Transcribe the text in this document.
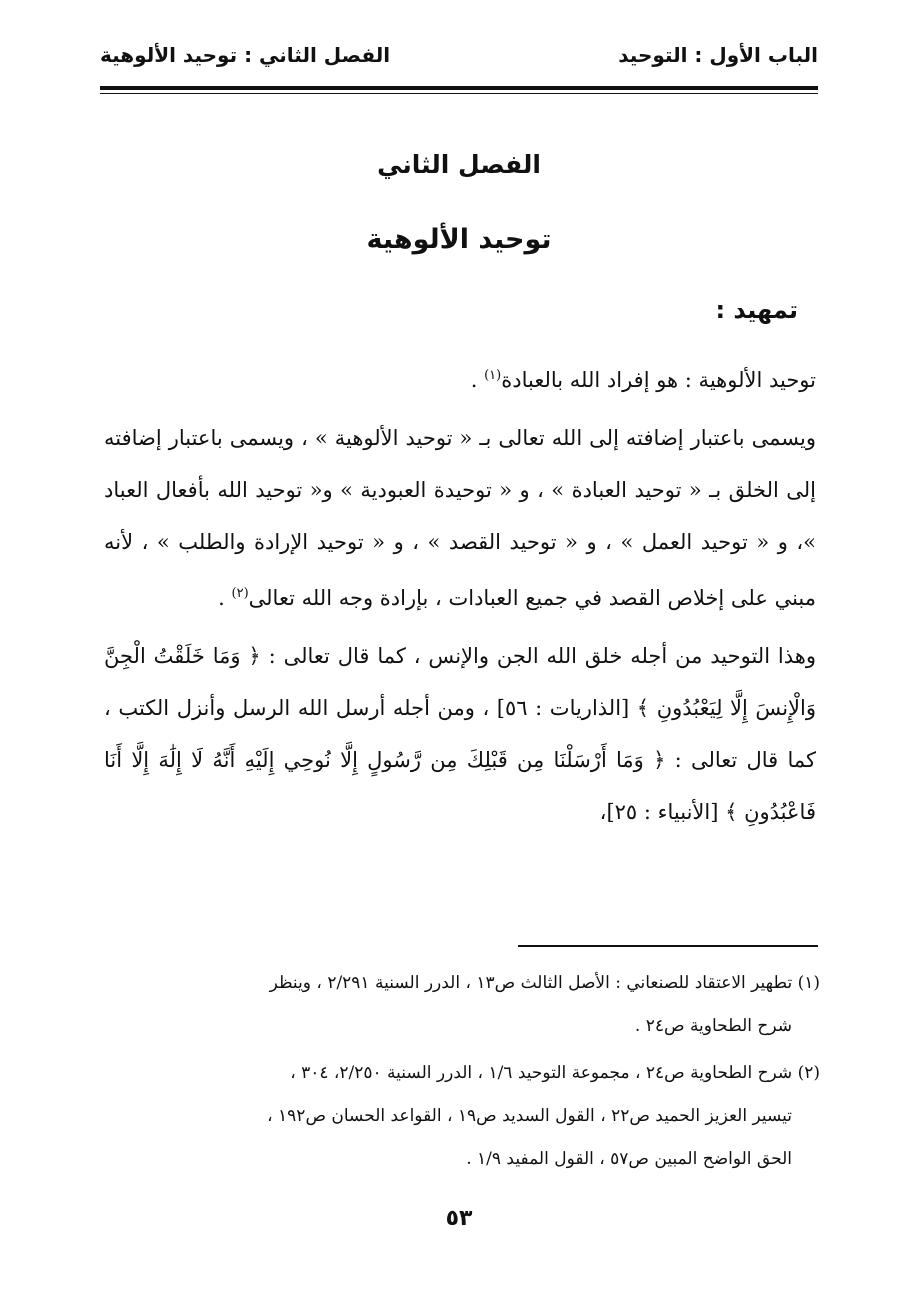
الباب الأول : التوحيد
الفصل الثاني : توحيد الألوهية
الفصل الثاني
توحيد الألوهية
تمهيد :

توحيد الألوهية : هو إفراد الله بالعبادة$^{(١)}$ .

ويسمى باعتبار إضافته إلى الله تعالى بـ « توحيد الألوهية » ، ويسمى باعتبار إضافته إلى الخلق بـ « توحيد العبادة » ، و « توحيدة العبودية » و« توحيد الله بأفعال العباد »، و « توحيد العمل » ، و « توحيد القصد » ، و « توحيد الإرادة والطلب » ، لأنه مبني على إخلاص القصد في جميع العبادات ، بإرادة وجه الله تعالى$^{(٢)}$ .

وهذا التوحيد من أجله خلق الله الجن والإنس ، كما قال تعالى : ﴿ وَمَا خَلَقْتُ الْجِنَّ وَالْإِنسَ إِلَّا لِيَعْبُدُونِ ﴾ [الذاريات : ٥٦] ، ومن أجله أرسل الله الرسل وأنزل الكتب ، كما قال تعالى : ﴿ وَمَا أَرْسَلْنَا مِن قَبْلِكَ مِن رَّسُولٍ إِلَّا نُوحِي إِلَيْهِ أَنَّهُ لَا إِلَٰهَ إِلَّا أَنَا فَاعْبُدُونِ ﴾ [الأنبياء : ٢٥]،

(١) تطهير الاعتقاد للصنعاني : الأصل الثالث ص١٣ ، الدرر السنية ٢/٢٩١ ، وينظر
شرح الطحاوية ص٢٤ .
(٢) شرح الطحاوية ص٢٤ ، مجموعة التوحيد ١/٦ ، الدرر السنية ٢/٢٥٠، ٣٠٤ ،
تيسير العزيز الحميد ص٢٢ ، القول السديد ص١٩ ، القواعد الحسان ص١٩٢ ،
الحق الواضح المبين ص٥٧ ، القول المفيد ١/٩ .
٥٣
